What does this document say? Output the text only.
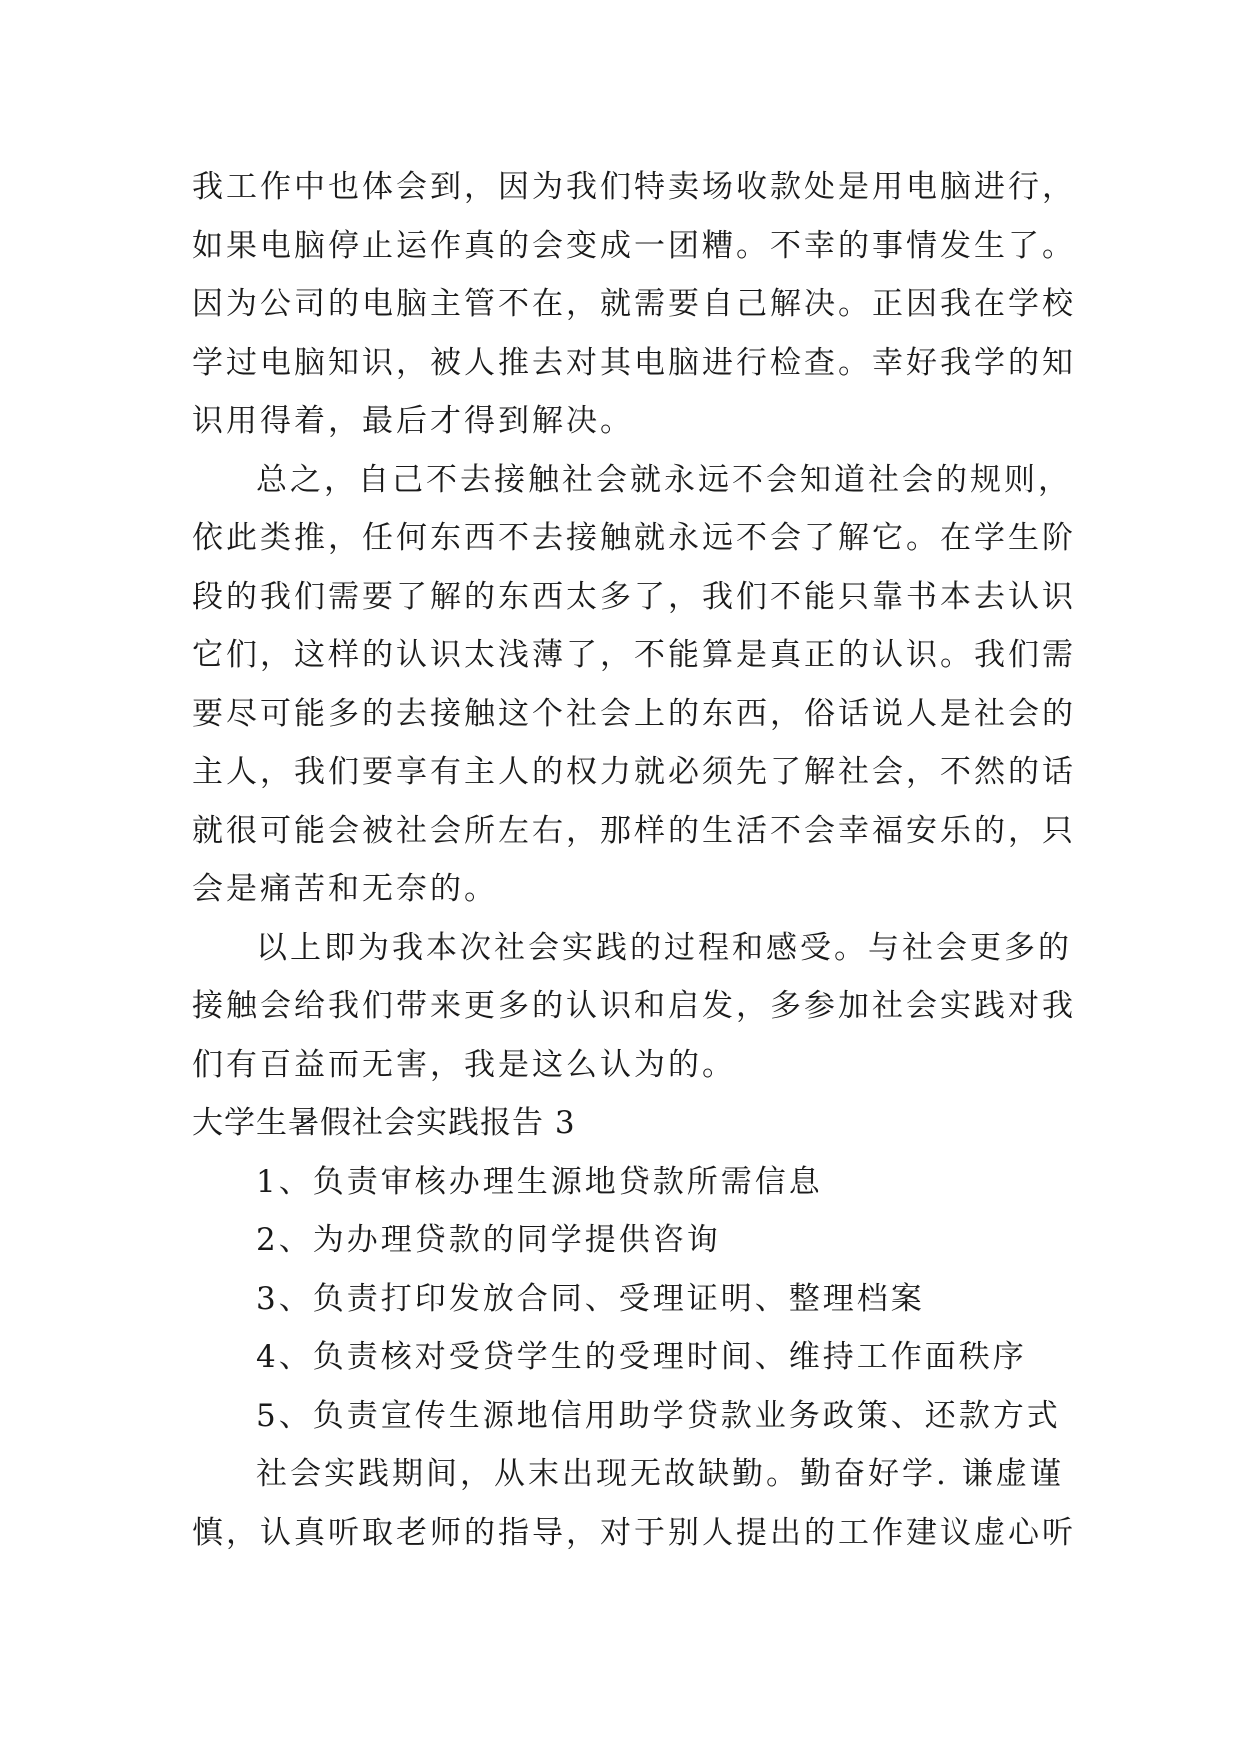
我工作中也体会到，因为我们特卖场收款处是用电脑进行，
如果电脑停止运作真的会变成一团糟。不幸的事情发生了。
因为公司的电脑主管不在，就需要自己解决。正因我在学校
学过电脑知识，被人推去对其电脑进行检查。幸好我学的知
识用得着，最后才得到解决。
总之，自己不去接触社会就永远不会知道社会的规则，
依此类推，任何东西不去接触就永远不会了解它。在学生阶
段的我们需要了解的东西太多了，我们不能只靠书本去认识
它们，这样的认识太浅薄了，不能算是真正的认识。我们需
要尽可能多的去接触这个社会上的东西，俗话说人是社会的
主人，我们要享有主人的权力就必须先了解社会，不然的话
就很可能会被社会所左右，那样的生活不会幸福安乐的，只
会是痛苦和无奈的。
以上即为我本次社会实践的过程和感受。与社会更多的
接触会给我们带来更多的认识和启发，多参加社会实践对我
们有百益而无害，我是这么认为的。
大学生暑假社会实践报告 3
1、负责审核办理生源地贷款所需信息
2、为办理贷款的同学提供咨询
3、负责打印发放合同、受理证明、整理档案
4、负责核对受贷学生的受理时间、维持工作面秩序
5、负责宣传生源地信用助学贷款业务政策、还款方式
社会实践期间，从末出现无故缺勤。勤奋好学. 谦虚谨
慎，认真听取老师的指导，对于别人提出的工作建议虚心听
